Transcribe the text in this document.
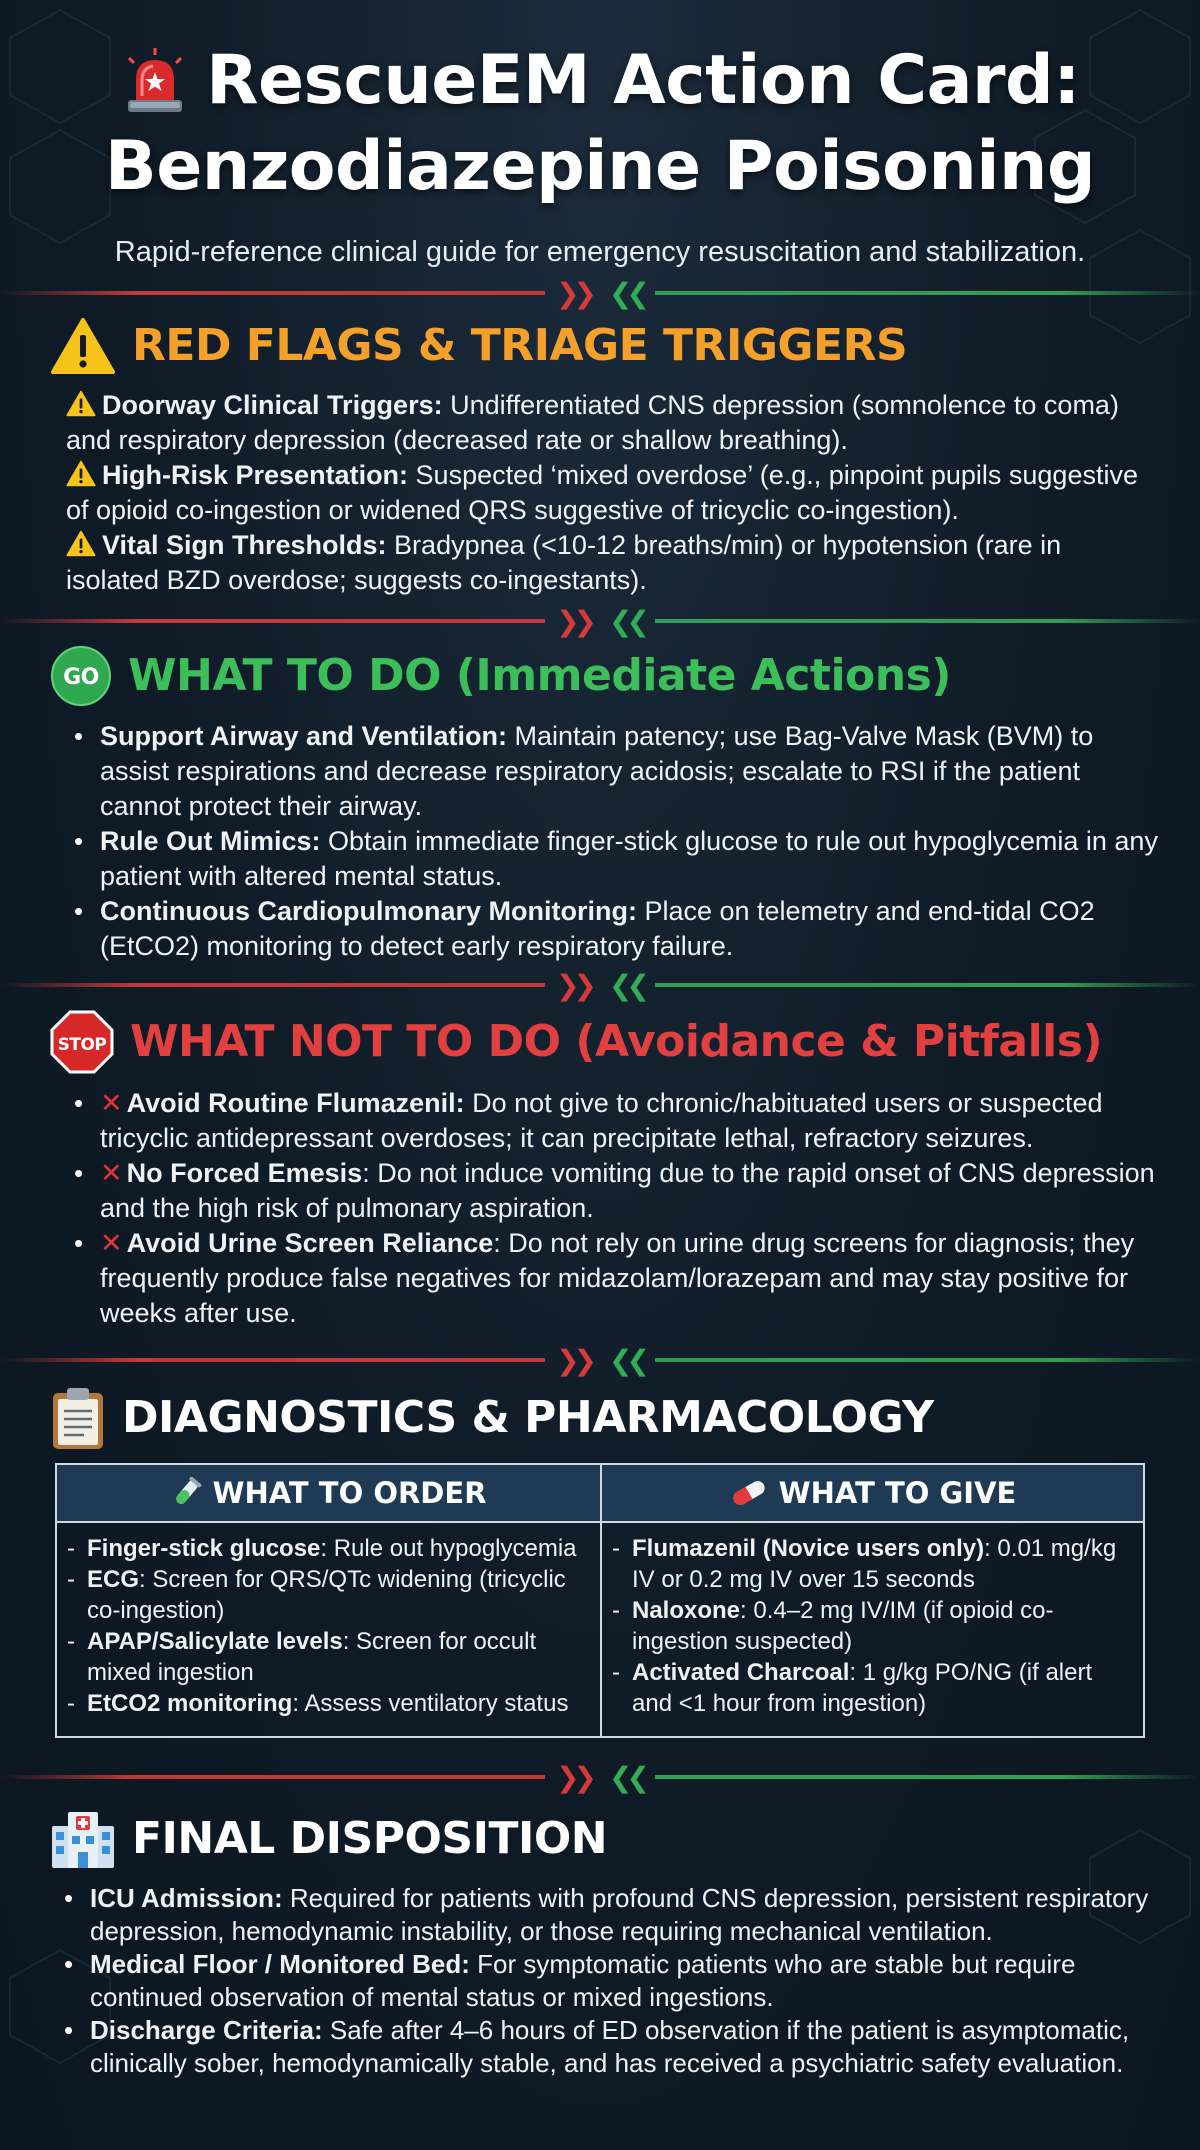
RescueEM Action Card:
Benzodiazepine Poisoning
Rapid-reference clinical guide for emergency resuscitation and stabilization.
❯❯ ❮❮
RED FLAGS & TRIAGE TRIGGERS
Doorway Clinical Triggers: Undifferentiated CNS depression (somnolence to coma) and respiratory depression (decreased rate or shallow breathing).
High-Risk Presentation: Suspected ‘mixed overdose’ (e.g., pinpoint pupils suggestive of opioid co-ingestion or widened QRS suggestive of tricyclic co-ingestion).
Vital Sign Thresholds: Bradypnea (<10-12 breaths/min) or hypotension (rare in isolated BZD overdose; suggests co-ingestants).
❯❯ ❮❮
GO WHAT TO DO (Immediate Actions)
• Support Airway and Ventilation: Maintain patency; use Bag-Valve Mask (BVM) to assist respirations and decrease respiratory acidosis; escalate to RSI if the patient cannot protect their airway.
• Rule Out Mimics: Obtain immediate finger-stick glucose to rule out hypoglycemia in any patient with altered mental status.
• Continuous Cardiopulmonary Monitoring: Place on telemetry and end-tidal CO2 (EtCO2) monitoring to detect early respiratory failure.
❯❯ ❮❮
STOP WHAT NOT TO DO (Avoidance & Pitfalls)
• ✕ Avoid Routine Flumazenil: Do not give to chronic/habituated users or suspected tricyclic antidepressant overdoses; it can precipitate lethal, refractory seizures.
• ✕ No Forced Emesis: Do not induce vomiting due to the rapid onset of CNS depression and the high risk of pulmonary aspiration.
• ✕ Avoid Urine Screen Reliance: Do not rely on urine drug screens for diagnosis; they frequently produce false negatives for midazolam/lorazepam and may stay positive for weeks after use.
❯❯ ❮❮
DIAGNOSTICS & PHARMACOLOGY
WHAT TO ORDER
- Finger-stick glucose: Rule out hypoglycemia
- ECG: Screen for QRS/QTc widening (tricyclic co-ingestion)
- APAP/Salicylate levels: Screen for occult mixed ingestion
- EtCO2 monitoring: Assess ventilatory status
WHAT TO GIVE
- Flumazenil (Novice users only): 0.01 mg/kg IV or 0.2 mg IV over 15 seconds
- Naloxone: 0.4–2 mg IV/IM (if opioid co-ingestion suspected)
- Activated Charcoal: 1 g/kg PO/NG (if alert and <1 hour from ingestion)
❯❯ ❮❮
FINAL DISPOSITION
• ICU Admission: Required for patients with profound CNS depression, persistent respiratory depression, hemodynamic instability, or those requiring mechanical ventilation.
• Medical Floor / Monitored Bed: For symptomatic patients who are stable but require continued observation of mental status or mixed ingestions.
• Discharge Criteria: Safe after 4–6 hours of ED observation if the patient is asymptomatic, clinically sober, hemodynamically stable, and has received a psychiatric safety evaluation.
